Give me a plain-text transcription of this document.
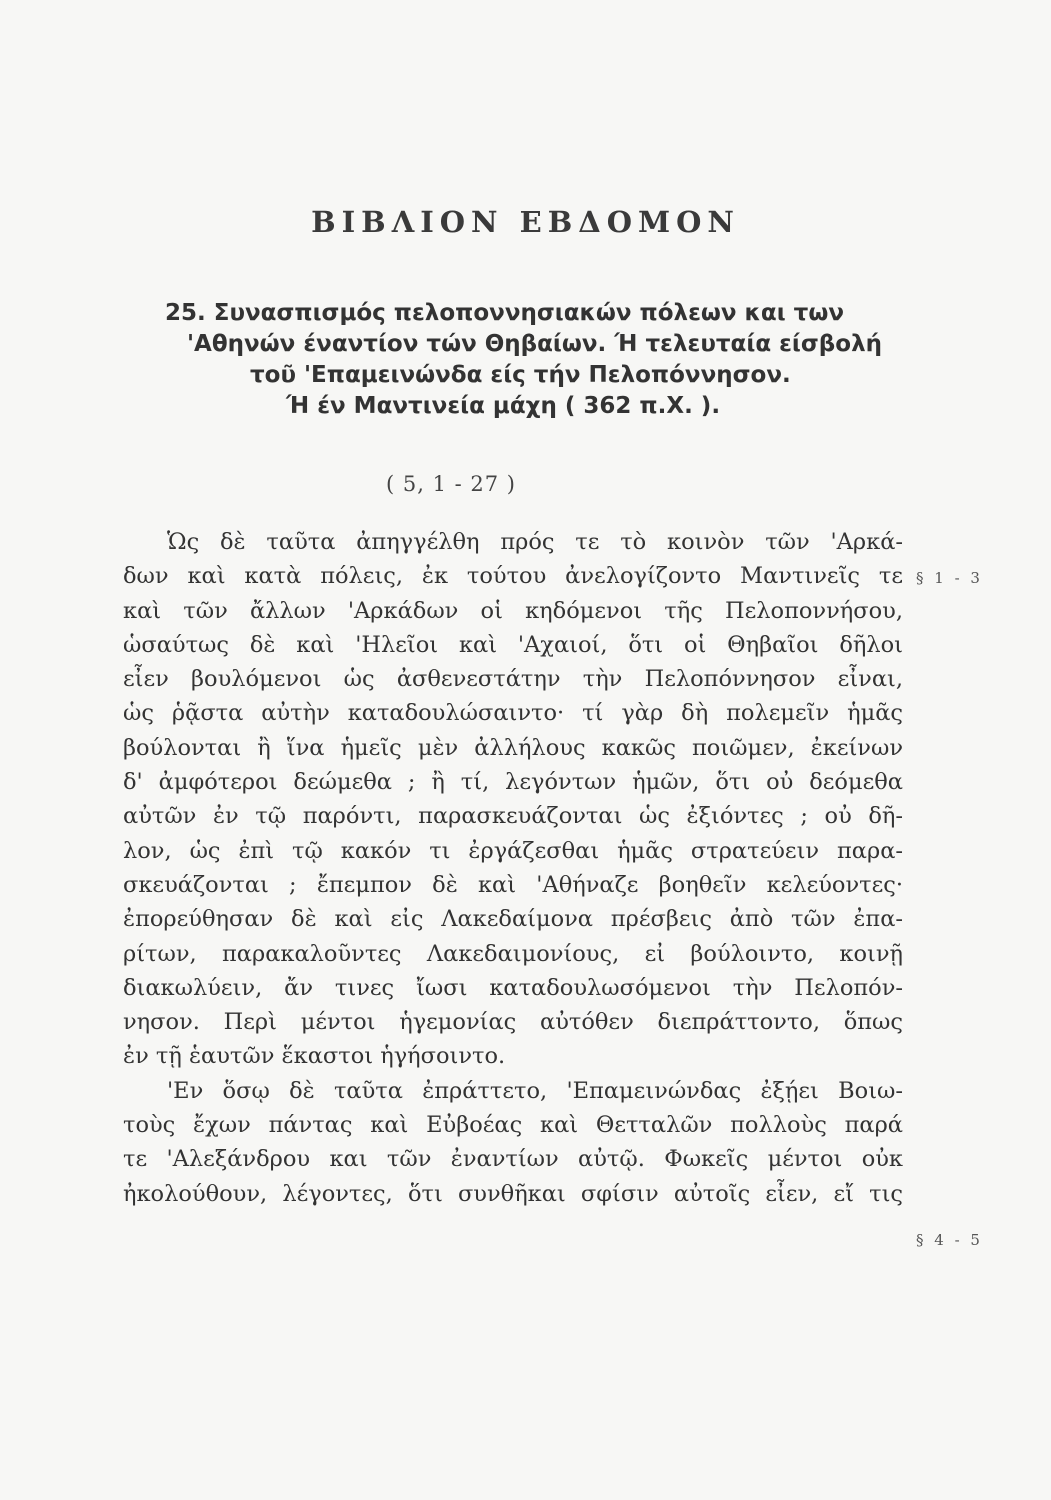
ΒΙΒΛΙΟΝ ΕΒΔΟΜΟΝ
25. Συνασπισμός πελοποννησιακών πόλεων και των
'Αθηνών έναντίον τών Θηβαίων. Ή τελευταία είσβολή
τοῦ 'Επαμεινώνδα είς τήν Πελοπόννησον.
Ή έν Μαντινεία μάχη ( 362 π.Χ. ).
( 5, 1 - 27 )
§ 1 - 3
§ 4 - 5
Ὡς δὲ ταῦτα ἀπηγγέλθη πρός τε τὸ κοινὸν τῶν 'Αρκά-
δων καὶ κατὰ πόλεις, ἐκ τούτου ἀνελογίζοντο Μαντινεῖς τε
καὶ τῶν ἄλλων 'Αρκάδων οἱ κηδόμενοι τῆς Πελοποννήσου,
ὡσαύτως δὲ καὶ 'Ηλεῖοι καὶ 'Αχαιοί, ὅτι οἱ Θηβαῖοι δῆλοι
εἶεν βουλόμενοι ὡς ἀσθενεστάτην τὴν Πελοπόννησον εἶναι,
ὡς ῥᾷστα αὐτὴν καταδουλώσαιντο· τί γὰρ δὴ πολεμεῖν ἡμᾶς
βούλονται ἢ ἵνα ἡμεῖς μὲν ἀλλήλους κακῶς ποιῶμεν, ἐκείνων
δ' ἀμφότεροι δεώμεθα ; ἢ τί, λεγόντων ἡμῶν, ὅτι οὐ δεόμεθα
αὐτῶν ἐν τῷ παρόντι, παρασκευάζονται ὡς ἐξιόντες ; οὐ δῆ-
λον, ὡς ἐπὶ τῷ κακόν τι ἐργάζεσθαι ἡμᾶς στρατεύειν παρα-
σκευάζονται ; ἔπεμπον δὲ καὶ 'Αθήναζε βοηθεῖν κελεύοντες·
ἐπορεύθησαν δὲ καὶ εἰς Λακεδαίμονα πρέσβεις ἀπὸ τῶν ἐπα-
ρίτων, παρακαλοῦντες Λακεδαιμονίους, εἰ βούλοιντο, κοινῇ
διακωλύειν, ἄν τινες ἴωσι καταδουλωσόμενοι τὴν Πελοπόν-
νησον. Περὶ μέντοι ἡγεμονίας αὐτόθεν διεπράττοντο, ὅπως
ἐν τῇ ἑαυτῶν ἕκαστοι ἡγήσοιντο.
'Εν ὅσῳ δὲ ταῦτα ἐπράττετο, 'Επαμεινώνδας ἐξῄει Βοιω-
τοὺς ἔχων πάντας καὶ Εὐβοέας καὶ Θετταλῶν πολλοὺς παρά
τε 'Αλεξάνδρου και τῶν ἐναντίων αὐτῷ. Φωκεῖς μέντοι οὐκ
ἠκολούθουν, λέγοντες, ὅτι συνθῆκαι σφίσιν αὐτοῖς εἶεν, εἴ τις
